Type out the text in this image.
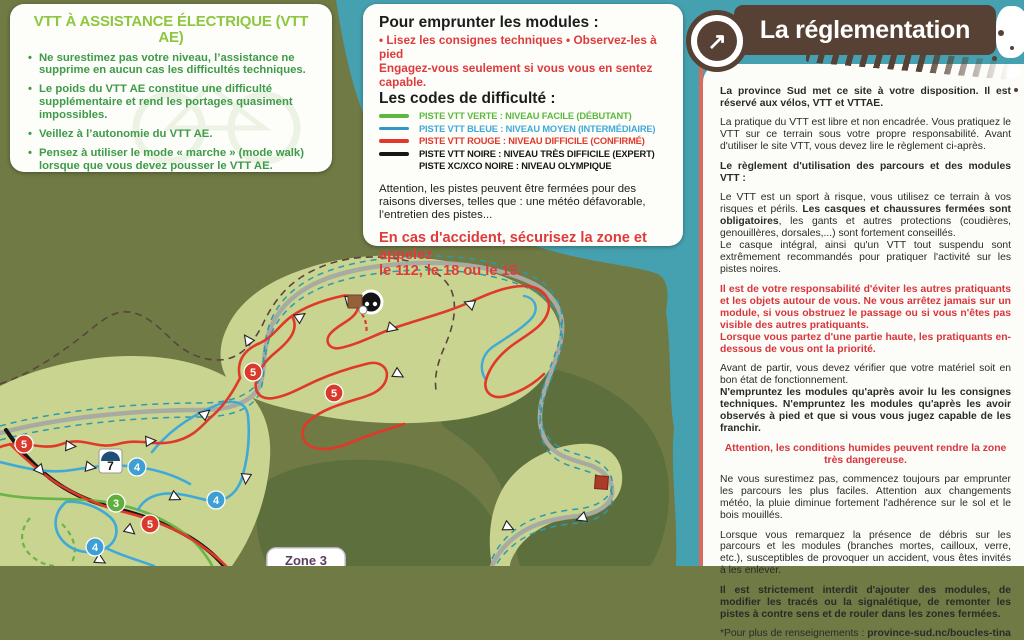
7
5
5
5
5
4
4
4
3
Zone 3
VTT À ASSISTANCE ÉLECTRIQUE (VTT AE)
• Ne surestimez pas votre niveau, l’assistance ne supprime en aucun cas les difficultés techniques.
• Le poids du VTT AE constitue une difficulté supplémentaire et rend les portages quasiment impossibles.
• Veillez à l’autonomie du VTT AE.
• Pensez à utiliser le mode « marche » (mode walk) lorsque que vous devez pousser le VTT AE.
Pour emprunter les modules :

• Lisez les consignes techniques • Observez-les à pied

Engagez-vous seulement si vous vous en sentez capable.

Les codes de difficulté :
PISTE VTT VERTE : NIVEAU FACILE (DÉBUTANT)
PISTE VTT BLEUE : NIVEAU MOYEN (INTERMÉDIAIRE)
PISTE VTT ROUGE : NIVEAU DIFFICILE (CONFIRMÉ)
PISTE VTT NOIRE : NIVEAU TRÈS DIFFICILE (EXPERT)
PISTE XC/XCO NOIRE : NIVEAU OLYMPIQUE

Attention, les pistes peuvent être fermées pour des raisons diverses, telles que : une météo défavorable, l’entretien des pistes...

En cas d'accident, sécurisez la zone et appelez
le 112, le 18 ou le 15.

↗ La réglementation

La province Sud met ce site à votre disposition. Il est réservé aux vélos, VTT et VTTAE.

La pratique du VTT est libre et non encadrée. Vous pratiquez le VTT sur ce terrain sous votre propre responsabilité. Avant d'utiliser le site VTT, vous devez lire le règlement ci-après.

Le règlement d'utilisation des parcours et des modules VTT :

Le VTT est un sport à risque, vous utilisez ce terrain à vos risques et périls. Les casques et chaussures fermées sont obligatoires, les gants et autres protections (coudières, genouillères, dorsales,...) sont fortement conseillés.
Le casque intégral, ainsi qu'un VTT tout suspendu sont extrêmement recommandés pour pratiquer l'activité sur les pistes noires.

Il est de votre responsabilité d'éviter les autres pratiquants et les objets autour de vous. Ne vous arrêtez jamais sur un module, si vous obstruez le passage ou si vous n'êtes pas visible des autres pratiquants.
Lorsque vous partez d'une partie haute, les pratiquants en-dessous de vous ont la priorité.

Avant de partir, vous devez vérifier que votre matériel soit en bon état de fonctionnement.
N'empruntez les modules qu'après avoir lu les consignes techniques. N'empruntez les modules qu'après les avoir observés à pied et que si vous vous jugez capable de les franchir.

Attention, les conditions humides peuvent rendre la zone très dangereuse.

Ne vous surestimez pas, commencez toujours par emprunter les parcours les plus faciles. Attention aux changements météo, la pluie diminue fortement l'adhérence sur le sol et le bois mouillés.

Lorsque vous remarquez la présence de débris sur les parcours et les modules (branches mortes, cailloux, verre, etc.), susceptibles de provoquer un accident, vous êtes invités à les enlever.

Il est strictement interdit d'ajouter des modules, de modifier les tracés ou la signalétique, de remonter les pistes à contre sens et de rouler dans les zones fermées.

*Pour plus de renseignements : province-sud.nc/boucles-tina
